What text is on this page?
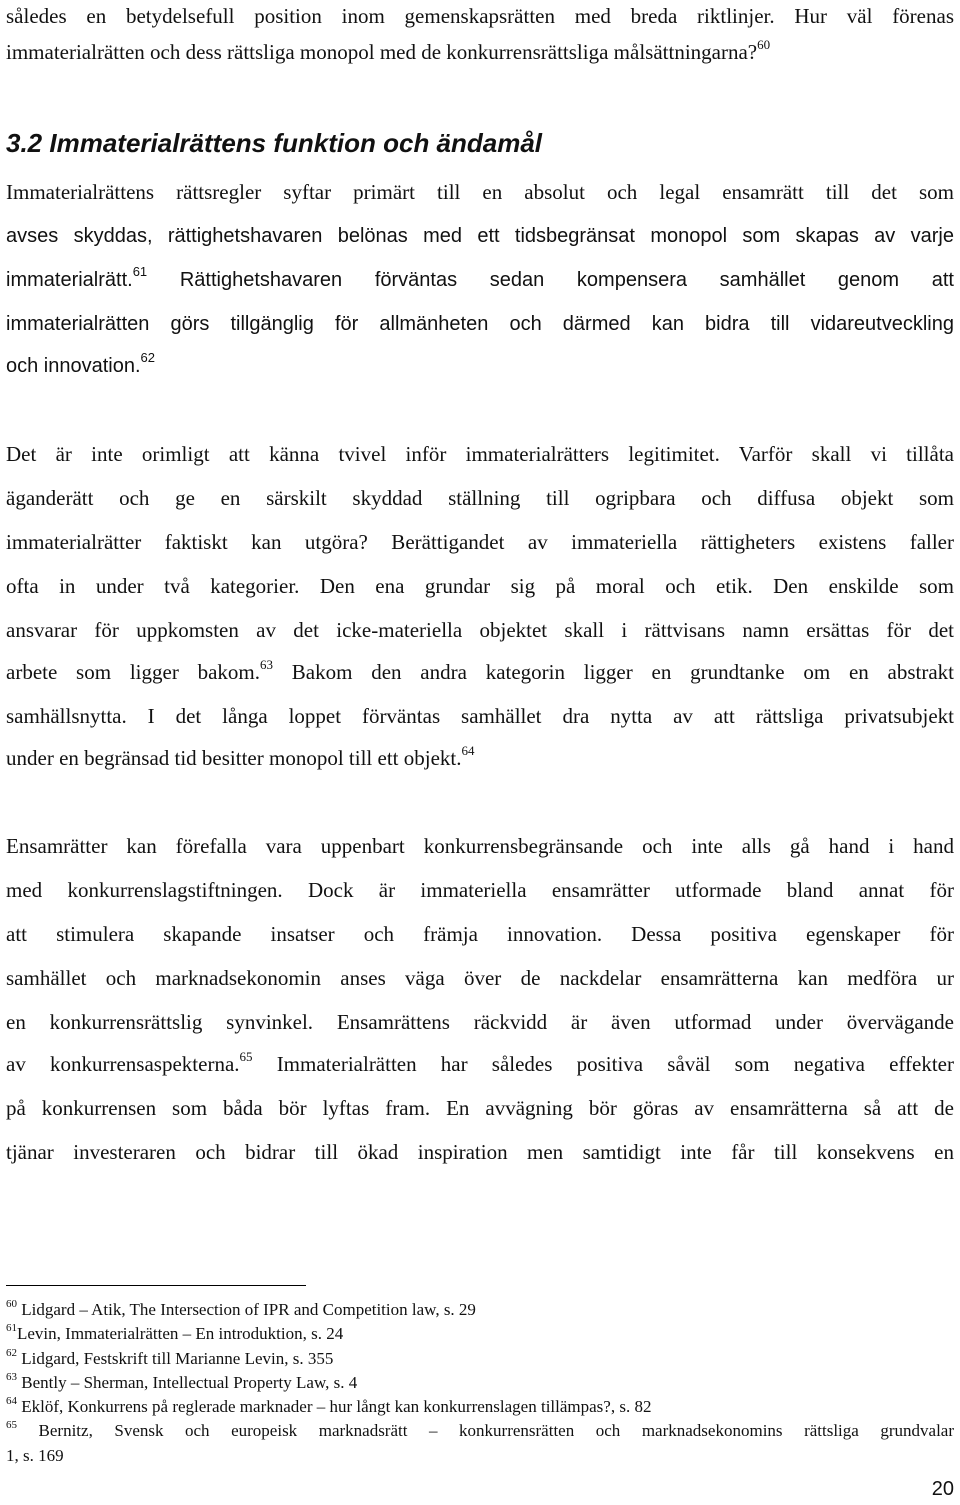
således en betydelsefull position inom gemenskapsrätten med breda riktlinjer. Hur väl förenas
immaterialrätten och dess rättsliga monopol med de konkurrensrättsliga målsättningarna?$^{60}$
3.2 Immaterialrättens funktion och ändamål
Immaterialrättens rättsregler syftar primärt till en absolut och legal ensamrätt till det som
avses skyddas, rättighetshavaren belönas med ett tidsbegränsat monopol som skapas av varje
immaterialrätt.$^{61}$ Rättighetshavaren förväntas sedan kompensera samhället genom att
immaterialrätten görs tillgänglig för allmänheten och därmed kan bidra till vidareutveckling
och innovation.$^{62}$
Det är inte orimligt att känna tvivel inför immaterialrätters legitimitet. Varför skall vi tillåta
äganderätt och ge en särskilt skyddad ställning till ogripbara och diffusa objekt som
immaterialrätter faktiskt kan utgöra? Berättigandet av immateriella rättigheters existens faller
ofta in under två kategorier. Den ena grundar sig på moral och etik. Den enskilde som
ansvarar för uppkomsten av det icke-materiella objektet skall i rättvisans namn ersättas för det
arbete som ligger bakom.$^{63}$ Bakom den andra kategorin ligger en grundtanke om en abstrakt
samhällsnytta. I det långa loppet förväntas samhället dra nytta av att rättsliga privatsubjekt
under en begränsad tid besitter monopol till ett objekt.$^{64}$
Ensamrätter kan förefalla vara uppenbart konkurrensbegränsande och inte alls gå hand i hand
med konkurrenslagstiftningen. Dock är immateriella ensamrätter utformade bland annat för
att stimulera skapande insatser och främja innovation. Dessa positiva egenskaper för
samhället och marknadsekonomin anses väga över de nackdelar ensamrätterna kan medföra ur
en konkurrensrättslig synvinkel. Ensamrättens räckvidd är även utformad under övervägande
av konkurrensaspekterna.$^{65}$ Immaterialrätten har således positiva såväl som negativa effekter
på konkurrensen som båda bör lyftas fram. En avvägning bör göras av ensamrätterna så att de
tjänar investeraren och bidrar till ökad inspiration men samtidigt inte får till konsekvens en
$^{60}$ Lidgard – Atik, The Intersection of IPR and Competition law, s. 29
$^{61}$Levin, Immaterialrätten – En introduktion, s. 24
$^{62}$ Lidgard, Festskrift till Marianne Levin, s. 355
$^{63}$ Bently – Sherman, Intellectual Property Law, s. 4
$^{64}$ Eklöf, Konkurrens på reglerade marknader – hur långt kan konkurrenslagen tillämpas?, s. 82
$^{65}$ Bernitz, Svensk och europeisk marknadsrätt – konkurrensrätten och marknadsekonomins rättsliga grundvalar
1, s. 169
20
